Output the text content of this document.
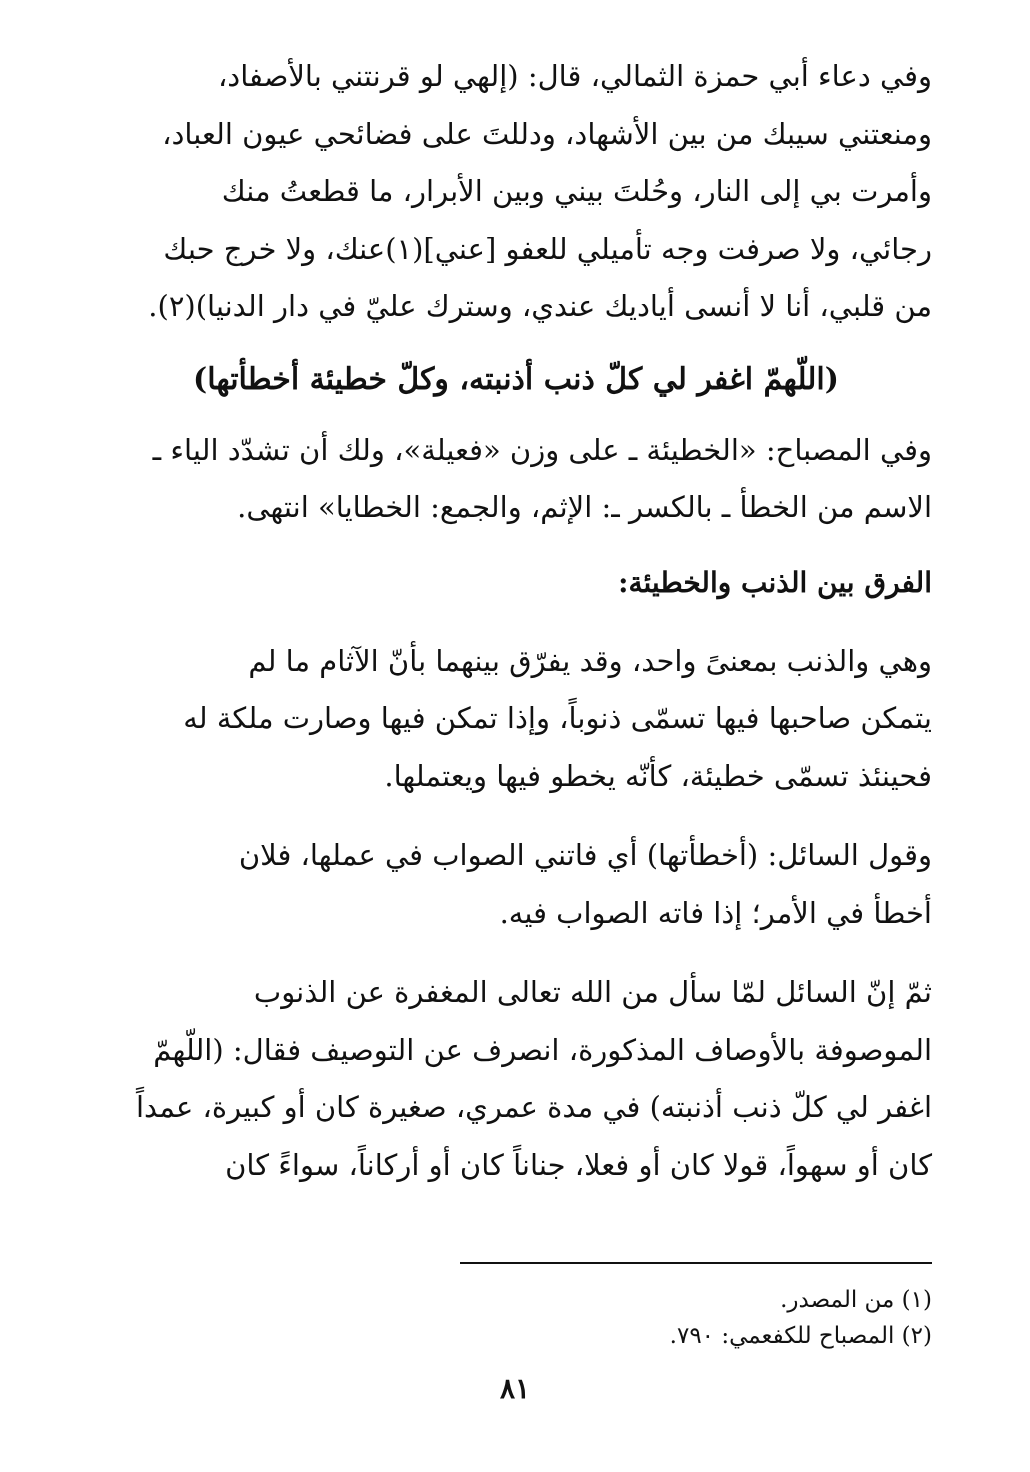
وفي دعاء أبي حمزة الثمالي، قال: (إلهي لو قرنتني بالأصفاد،
ومنعتني سيبك من بين الأشهاد، ودللتَ على فضائحي عيون العباد،
وأمرت بي إلى النار، وحُلتَ بيني وبين الأبرار، ما قطعتُ منك
رجائي، ولا صرفت وجه تأميلي للعفو [عني](١)عنك، ولا خرج حبك
من قلبي، أنا لا أنسى أياديك عندي، وسترك عليّ في دار الدنيا)(٢).

(اللّهمّ اغفر لي كلّ ذنب أذنبته، وكلّ خطيئة أخطأتها)

وفي المصباح: «الخطيئة ـ على وزن «فعيلة»، ولك أن تشدّد الياء ـ
الاسم من الخطأ ـ بالكسر ـ: الإثم، والجمع: الخطايا» انتهى.

الفرق بين الذنب والخطيئة:

وهي والذنب بمعنىً واحد، وقد يفرّق بينهما بأنّ الآثام ما لم
يتمكن صاحبها فيها تسمّى ذنوباً، وإذا تمكن فيها وصارت ملكة له
فحينئذ تسمّى خطيئة، كأنّه يخطو فيها ويعتملها.

وقول السائل: (أخطأتها) أي فاتني الصواب في عملها، فلان
أخطأ في الأمر؛ إذا فاته الصواب فيه.

ثمّ إنّ السائل لمّا سأل من الله تعالى المغفرة عن الذنوب
الموصوفة بالأوصاف المذكورة، انصرف عن التوصيف فقال: (اللّهمّ
اغفر لي كلّ ذنب أذنبته) في مدة عمري، صغيرة كان أو كبيرة، عمداً
كان أو سهواً، قولا كان أو فعلا، جناناً كان أو أركاناً، سواءً كان

(١) من المصدر.
(٢) المصباح للكفعمي: ٧٩٠.
٨١
